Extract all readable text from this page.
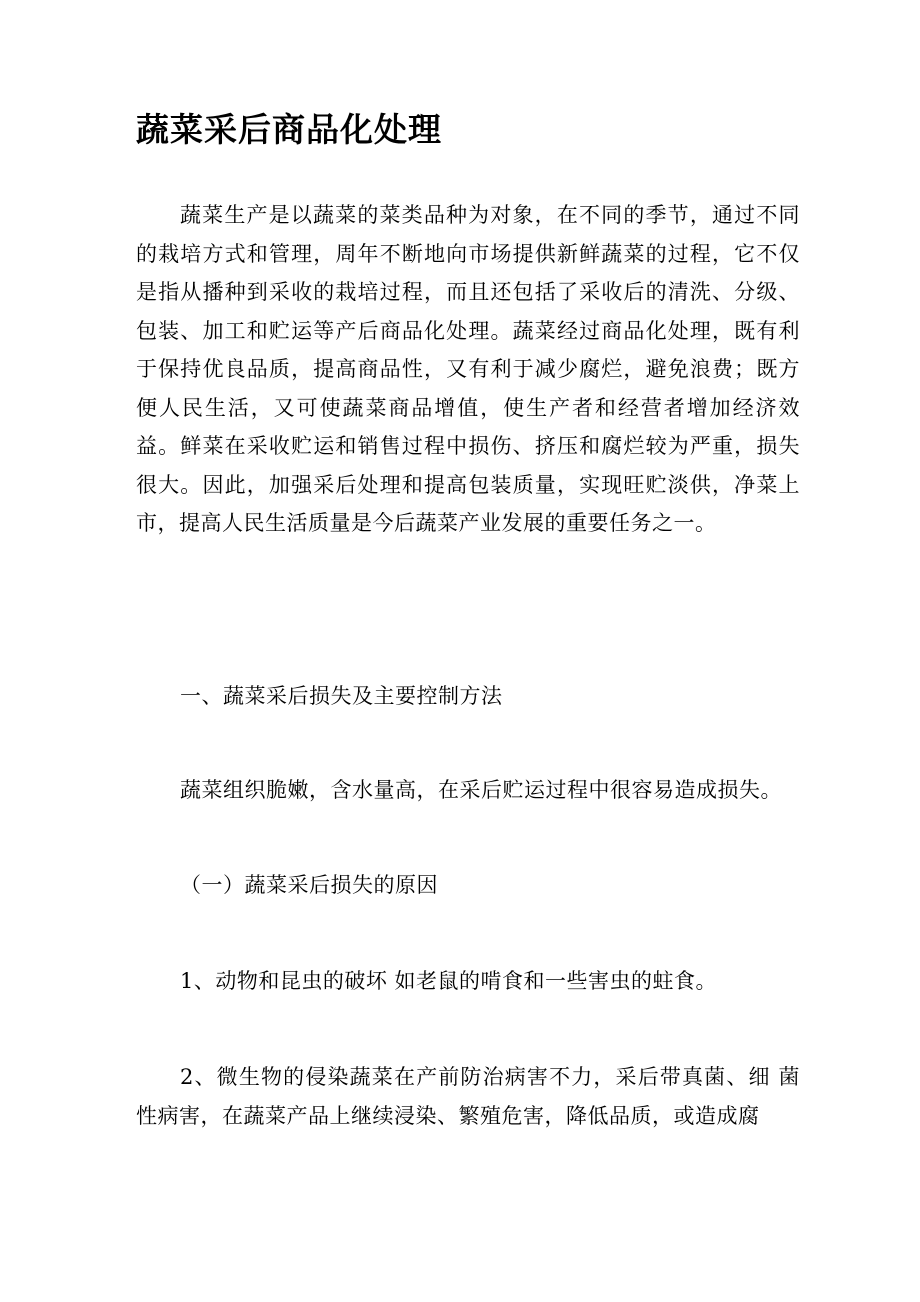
蔬菜采后商品化处理

蔬菜生产是以蔬菜的菜类品种为对象，在不同的季节，通过不同的栽培方式和管理，周年不断地向市场提供新鲜蔬菜的过程，它不仅是指从播种到采收的栽培过程，而且还包括了采收后的清洗、分级、包装、加工和贮运等产后商品化处理。蔬菜经过商品化处理，既有利于保持优良品质，提高商品性，又有利于减少腐烂，避免浪费；既方便人民生活，又可使蔬菜商品增值，使生产者和经营者增加经济效益。鲜菜在采收贮运和销售过程中损伤、挤压和腐烂较为严重，损失很大。因此，加强采后处理和提高包装质量，实现旺贮淡供，净菜上市，提高人民生活质量是今后蔬菜产业发展的重要任务之一。

一、蔬菜采后损失及主要控制方法

蔬菜组织脆嫩，含水量高，在采后贮运过程中很容易造成损失。

（一）蔬菜采后损失的原因

1、动物和昆虫的破坏 如老鼠的啃食和一些害虫的蛀食。

2、微生物的侵染蔬菜在产前防治病害不力，采后带真菌、细 菌性病害，在蔬菜产品上继续浸染、繁殖危害，降低品质，或造成腐
